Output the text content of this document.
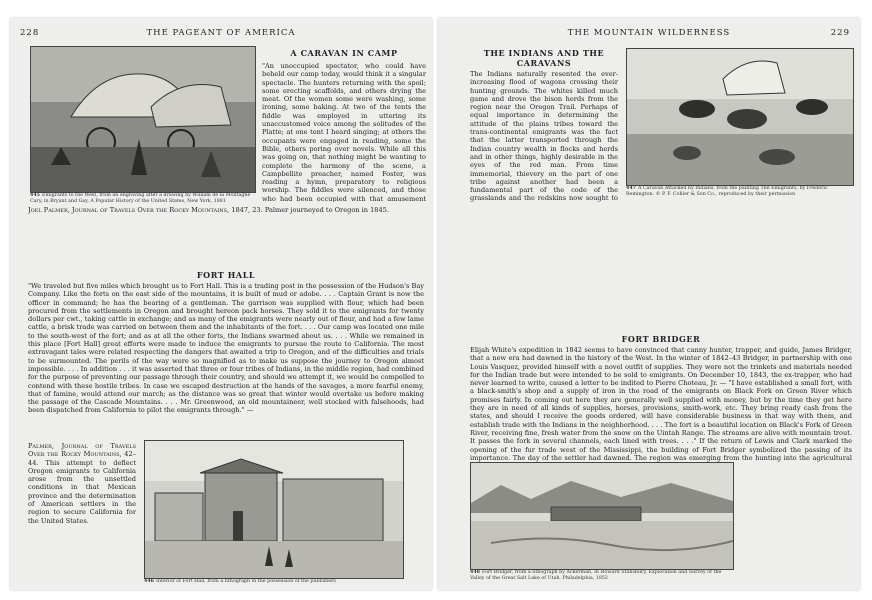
228	THE PAGEANT OF AMERICA

445 Emigrants to the West, from an engraving after a drawing by William de la Montagne Cary, in Bryant and Gay, A Popular History of the United States, New York, 1881

A CARAVAN IN CAMP

"An unoccupied spectator, who could have beheld our camp today, would think it a singular spectacle. The hunters returning with the spoil; some erecting scaffolds, and others drying the meat. Of the women some were washing, some ironing, some baking. At two of the tents the fiddle was employed in uttering its unaccustomed voice among the solitudes of the Platte; at one tent I heard singing; at others the occupants were engaged in reading, some the Bible, others poring over novels. While all this was going on, that nothing might be wanting to complete the harmony of the scene, a Campbellite preacher, named Foster, was reading a hymn, preparatory to religious worship. The fiddles were silenced, and those who had been occupied with that amusement

Joel Palmer, Journal of Travels Over the Rocky Mountains, 1847, 23. Palmer journeyed to Oregon in 1845.

FORT HALL

"We traveled but five miles which brought us to Fort Hall. This is a trading post in the possession of the Hudson's Bay Company. Like the forts on the east side of the mountains, it is built of mud or adobe. . . . Captain Grant is now the officer in command; he has the bearing of a gentleman. The garrison was supplied with flour, which had been procured from the settlements in Oregon and brought hereon pack horses. They sold it to the emigrants for twenty dollars per cwt., taking cattle in exchange; and as many of the emigrants were nearly out of flour, and had a few lame cattle, a brisk trade was carried on between them and the inhabitants of the fort. . . . Our camp was located one mile to the south-west of the fort; and as at all the other forts, the Indians swarmed about us. . . . While we remained in this place [Fort Hall] great efforts were made to induce the emigrants to pursue the route to California. The most extravagant tales were related respecting the dangers that awaited a trip to Oregon, and of the difficulties and trials to be surmounted. The perils of the way were so magnified as to make us suppose the journey to Oregon almost impossible. . . . In addition . . . it was asserted that three or four tribes of Indians, in the middle region, had combined for the purpose of preventing our passage through their country, and should we attempt it, we would be compelled to contend with these hostile tribes. In case we escaped destruction at the hands of the savages, a more fearful enemy, that of famine, would attend our march; as the distance was so great that winter would overtake us before making the passage of the Cascade Mountains. . . . Mr. Greenwood, an old mountaineer, well stocked with falsehoods, had been dispatched from California to pilot the emigrants through." —

Palmer, Journal of Travels Over the Rocky Mountains, 42–44. This attempt to deflect Oregon emigrants to California arose from the unsettled conditions in that Mexican province and the determination of American settlers in the region to secure California for the United States.

446 Interior of Fort Hall, from a lithograph in the possession of the publishers

THE MOUNTAIN WILDERNESS	229
THE INDIANS AND THE CARAVANS

The Indians naturally resented the ever-increasing flood of wagons crossing their hunting grounds. The whites killed much game and drove the bison herds from the region near the Oregon Trail. Perhaps of equal importance in determining the attitude of the plains tribes toward the trans-continental emigrants was the fact that the latter transported through the Indian country wealth in flocks and herds and in other things, highly desirable in the eyes of the red man. From time immemorial, thievery on the part of one tribe against another had been a fundamental part of the code of the grasslands and the redskins now sought to

447 A Caravan Attacked by Indians, from the painting The Emigrants, by Frederic Remington. © P. F. Collier & Son Co., reproduced by their permission

FORT BRIDGER

Elijah White's expedition in 1842 seems to have convinced that canny hunter, trapper, and guide, James Bridger, that a new era had dawned in the history of the West. In the winter of 1842–43 Bridger, in partnership with one Louis Vasquez, provided himself with a novel outfit of supplies. They were not the trinkets and materials needed for the Indian trade but were intended to be sold to emigrants. On December 10, 1843, the ex-trapper, who had never learned to write, caused a letter to be indited to Pierre Choteau, Jr. — "I have established a small fort, with a black-smith's shop and a supply of iron in the road of the emigrants on Black Fork on Green River which promises fairly. In coming out here they are generally well supplied with money, but by the time they get here they are in need of all kinds of supplies, horses, provisions, smith-work, etc. They bring ready cash from the states, and should I receive the goods ordered, will have considerable business in that way with them, and establish trade with the Indians in the neighborhood. . . . The fort is a beautiful location on Black's Fork of Green River, receiving fine, fresh water from the snow on the Uintah Range. The streams are alive with mountain trout. It passes the fork in several channels, each lined with trees. . . ." If the return of Lewis and Clark marked the opening of the fur trade west of the Mississippi, the building of Fort Bridger symbolized the passing of its importance. The day of the settler had dawned. The region was emerging from the hunting into the agricultural

448 Fort Bridger, from a lithograph by Ackerman, in Howard Stansbury, Exploration and Survey of the Valley of the Great Salt Lake of Utah, Philadelphia, 1852
